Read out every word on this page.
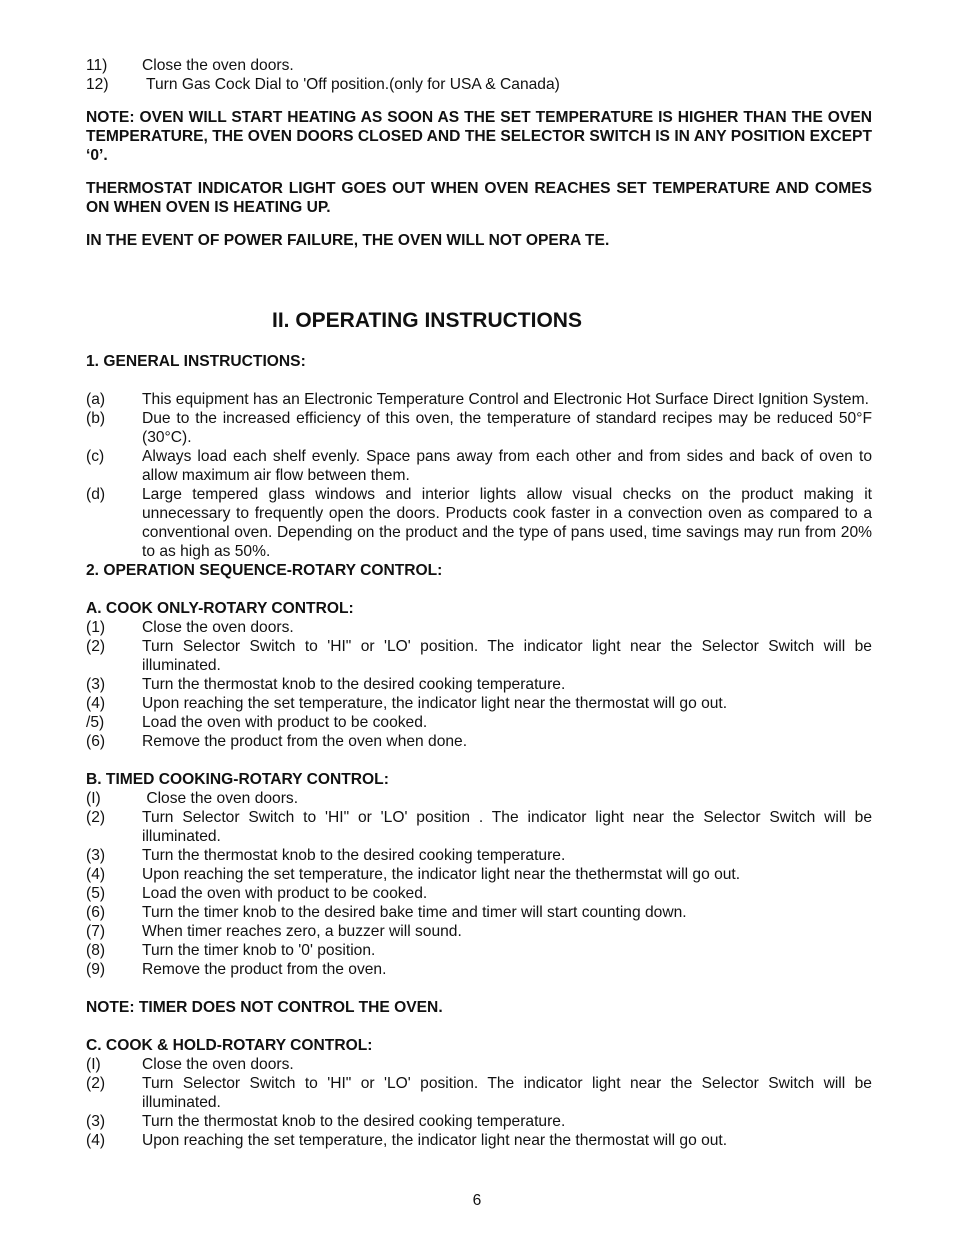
11)	Close the oven doors.
12)	Turn Gas Cock Dial to 'Off position.(only for USA & Canada)

NOTE: OVEN WILL START HEATING AS SOON AS THE SET TEMPERATURE IS HIGHER THAN THE OVEN TEMPERATURE, THE OVEN DOORS CLOSED AND THE SELECTOR SWITCH IS IN ANY POSITION EXCEPT ‘0’.

THERMOSTAT INDICATOR LIGHT GOES OUT WHEN OVEN REACHES SET TEMPERATURE AND COMES ON WHEN OVEN IS HEATING UP.

IN THE EVENT OF POWER FAILURE, THE OVEN WILL NOT OPERA TE.

II. OPERATING INSTRUCTIONS
1. GENERAL INSTRUCTIONS:
(a)	This equipment has an Electronic Temperature Control and Electronic Hot Surface Direct Ignition System.
(b)	Due to the increased efficiency of this oven, the temperature of standard recipes may be reduced 50°F (30°C).
(c)	Always load each shelf evenly. Space pans away from each other and from sides and back of oven to allow maximum air flow between them.
(d)	Large tempered glass windows and interior lights allow visual checks on the product making it unnecessary to frequently open the doors. Products cook faster in a convection oven as compared to a conventional oven. Depending on the product and the type of pans used, time savings may run from 20% to as high as 50%.
2. OPERATION SEQUENCE-ROTARY CONTROL:
A. COOK ONLY-ROTARY CONTROL:
(1)	Close the oven doors.
(2)	Turn Selector Switch to 'HI" or 'LO' position. The indicator light near the Selector Switch will be illuminated.
(3)	Turn the thermostat knob to the desired cooking temperature.
(4)	Upon reaching the set temperature, the indicator light near the thermostat will go out.
/5)	Load the oven with product to be cooked.
(6)	Remove the product from the oven when done.
B. TIMED COOKING-ROTARY CONTROL:
(I)	Close the oven doors.
(2)	Turn Selector Switch to 'HI" or 'LO' position . The indicator light near the Selector Switch will be illuminated.
(3)	Turn the thermostat knob to the desired cooking temperature.
(4)	Upon reaching the set temperature, the indicator light near the thethermstat will go out.
(5)	Load the oven with product to be cooked.
(6)	Turn the timer knob to the desired bake time and timer will start counting down.
(7)	When timer reaches zero, a buzzer will sound.
(8)	Turn the timer knob to '0' position.
(9)	Remove the product from the oven.
NOTE: TIMER DOES NOT CONTROL THE OVEN.
C. COOK & HOLD-ROTARY CONTROL:
(I)	Close the oven doors.
(2)	Turn Selector Switch to 'HI" or 'LO' position. The indicator light near the Selector Switch will be illuminated.
(3)	Turn the thermostat knob to the desired cooking temperature.
(4)	Upon reaching the set temperature, the indicator light near the thermostat will go out.
6
